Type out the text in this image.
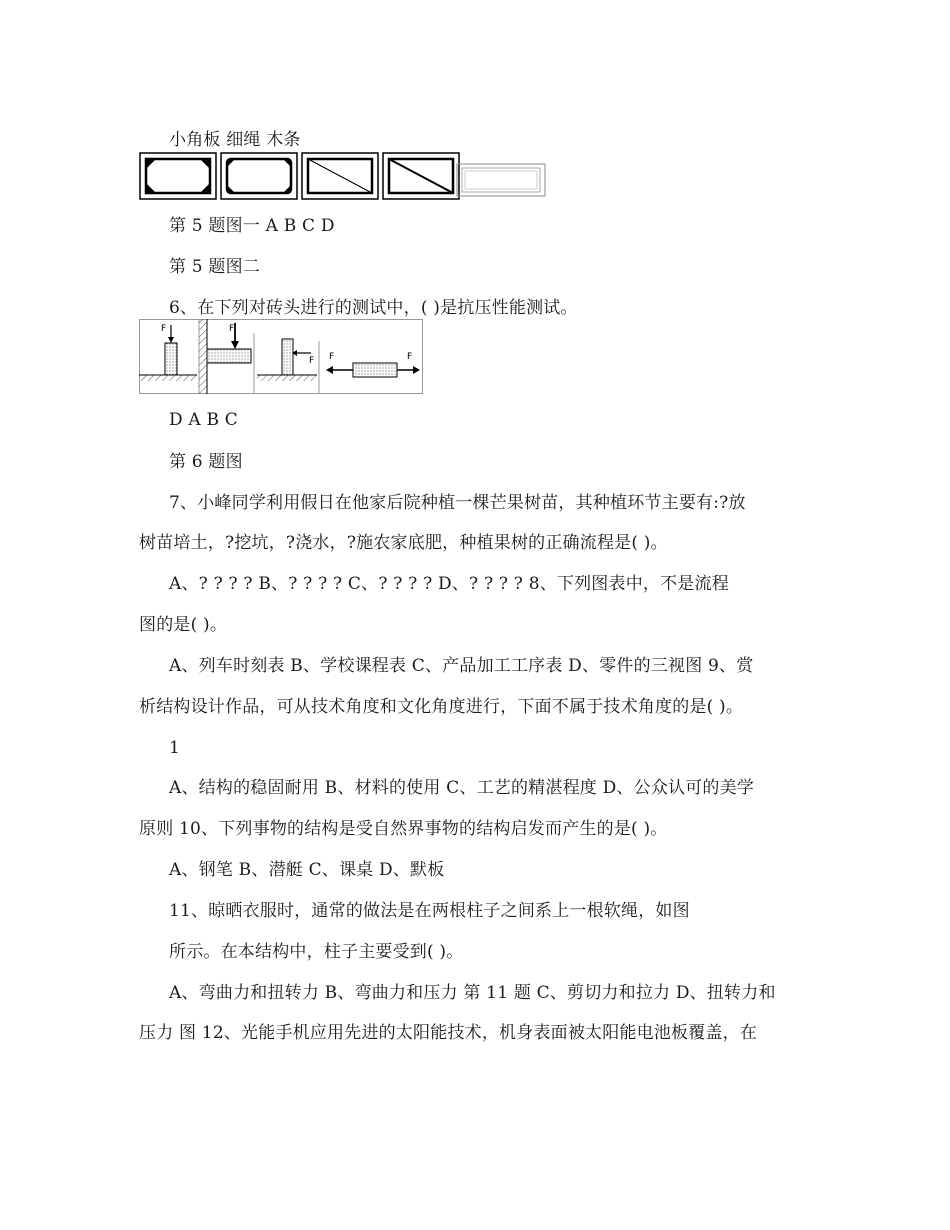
小角板 细绳 木条
第 5 题图一 A B C D
第 5 题图二
6、在下列对砖头进行的测试中，( )是抗压性能测试。
F	F
F F	F
D A B C
第 6 题图
7、小峰同学利用假日在他家后院种植一棵芒果树苗，其种植环节主要有:?放
树苗培土，?挖坑，?浇水，?施农家底肥，种植果树的正确流程是( )。
A、? ? ? ? B、? ? ? ? C、? ? ? ? D、? ? ? ? 8、下列图表中，不是流程
图的是( )。
A、列车时刻表 B、学校课程表 C、产品加工工序表 D、零件的三视图 9、赏
析结构设计作品，可从技术角度和文化角度进行，下面不属于技术角度的是( )。
1
A、结构的稳固耐用 B、材料的使用 C、工艺的精湛程度 D、公众认可的美学
原则 10、下列事物的结构是受自然界事物的结构启发而产生的是( )。
A、钢笔 B、潜艇 C、课桌 D、默板
11、晾晒衣服时，通常的做法是在两根柱子之间系上一根软绳，如图
所示。在本结构中，柱子主要受到( )。
A、弯曲力和扭转力 B、弯曲力和压力 第 11 题 C、剪切力和拉力 D、扭转力和
压力 图 12、光能手机应用先进的太阳能技术，机身表面被太阳能电池板覆盖，在
